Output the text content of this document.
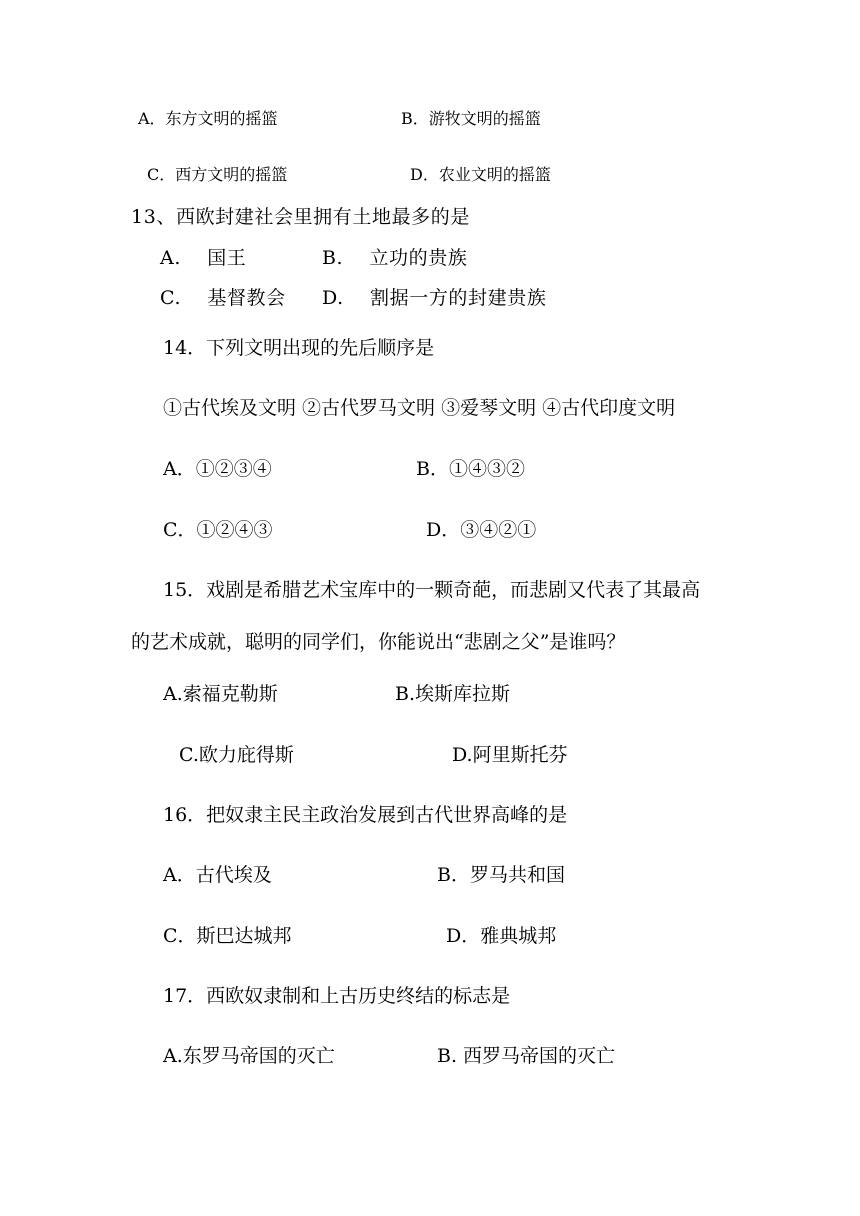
A．东方文明的摇篮	B．游牧文明的摇篮
C．西方文明的摇篮	D．农业文明的摇篮
13、西欧封建社会里拥有土地最多的是
A.　 国王	B.　 立功的贵族
C.　 基督教会 D.　 割据一方的封建贵族
14．下列文明出现的先后顺序是
①古代埃及文明 ②古代罗马文明 ③爱琴文明 ④古代印度文明
A．①②③④	B．①④③②
C．①②④③	D．③④②①
15．戏剧是希腊艺术宝库中的一颗奇葩，而悲剧又代表了其最高
的艺术成就，聪明的同学们，你能说出“悲剧之父”是谁吗？
A.索福克勒斯	B.埃斯库拉斯
C.欧力庇得斯	D.阿里斯托芬
16．把奴隶主民主政治发展到古代世界高峰的是
A．古代埃及	B．罗马共和国
C．斯巴达城邦	D．雅典城邦
17．西欧奴隶制和上古历史终结的标志是
A.东罗马帝国的灭亡	B. 西罗马帝国的灭亡
